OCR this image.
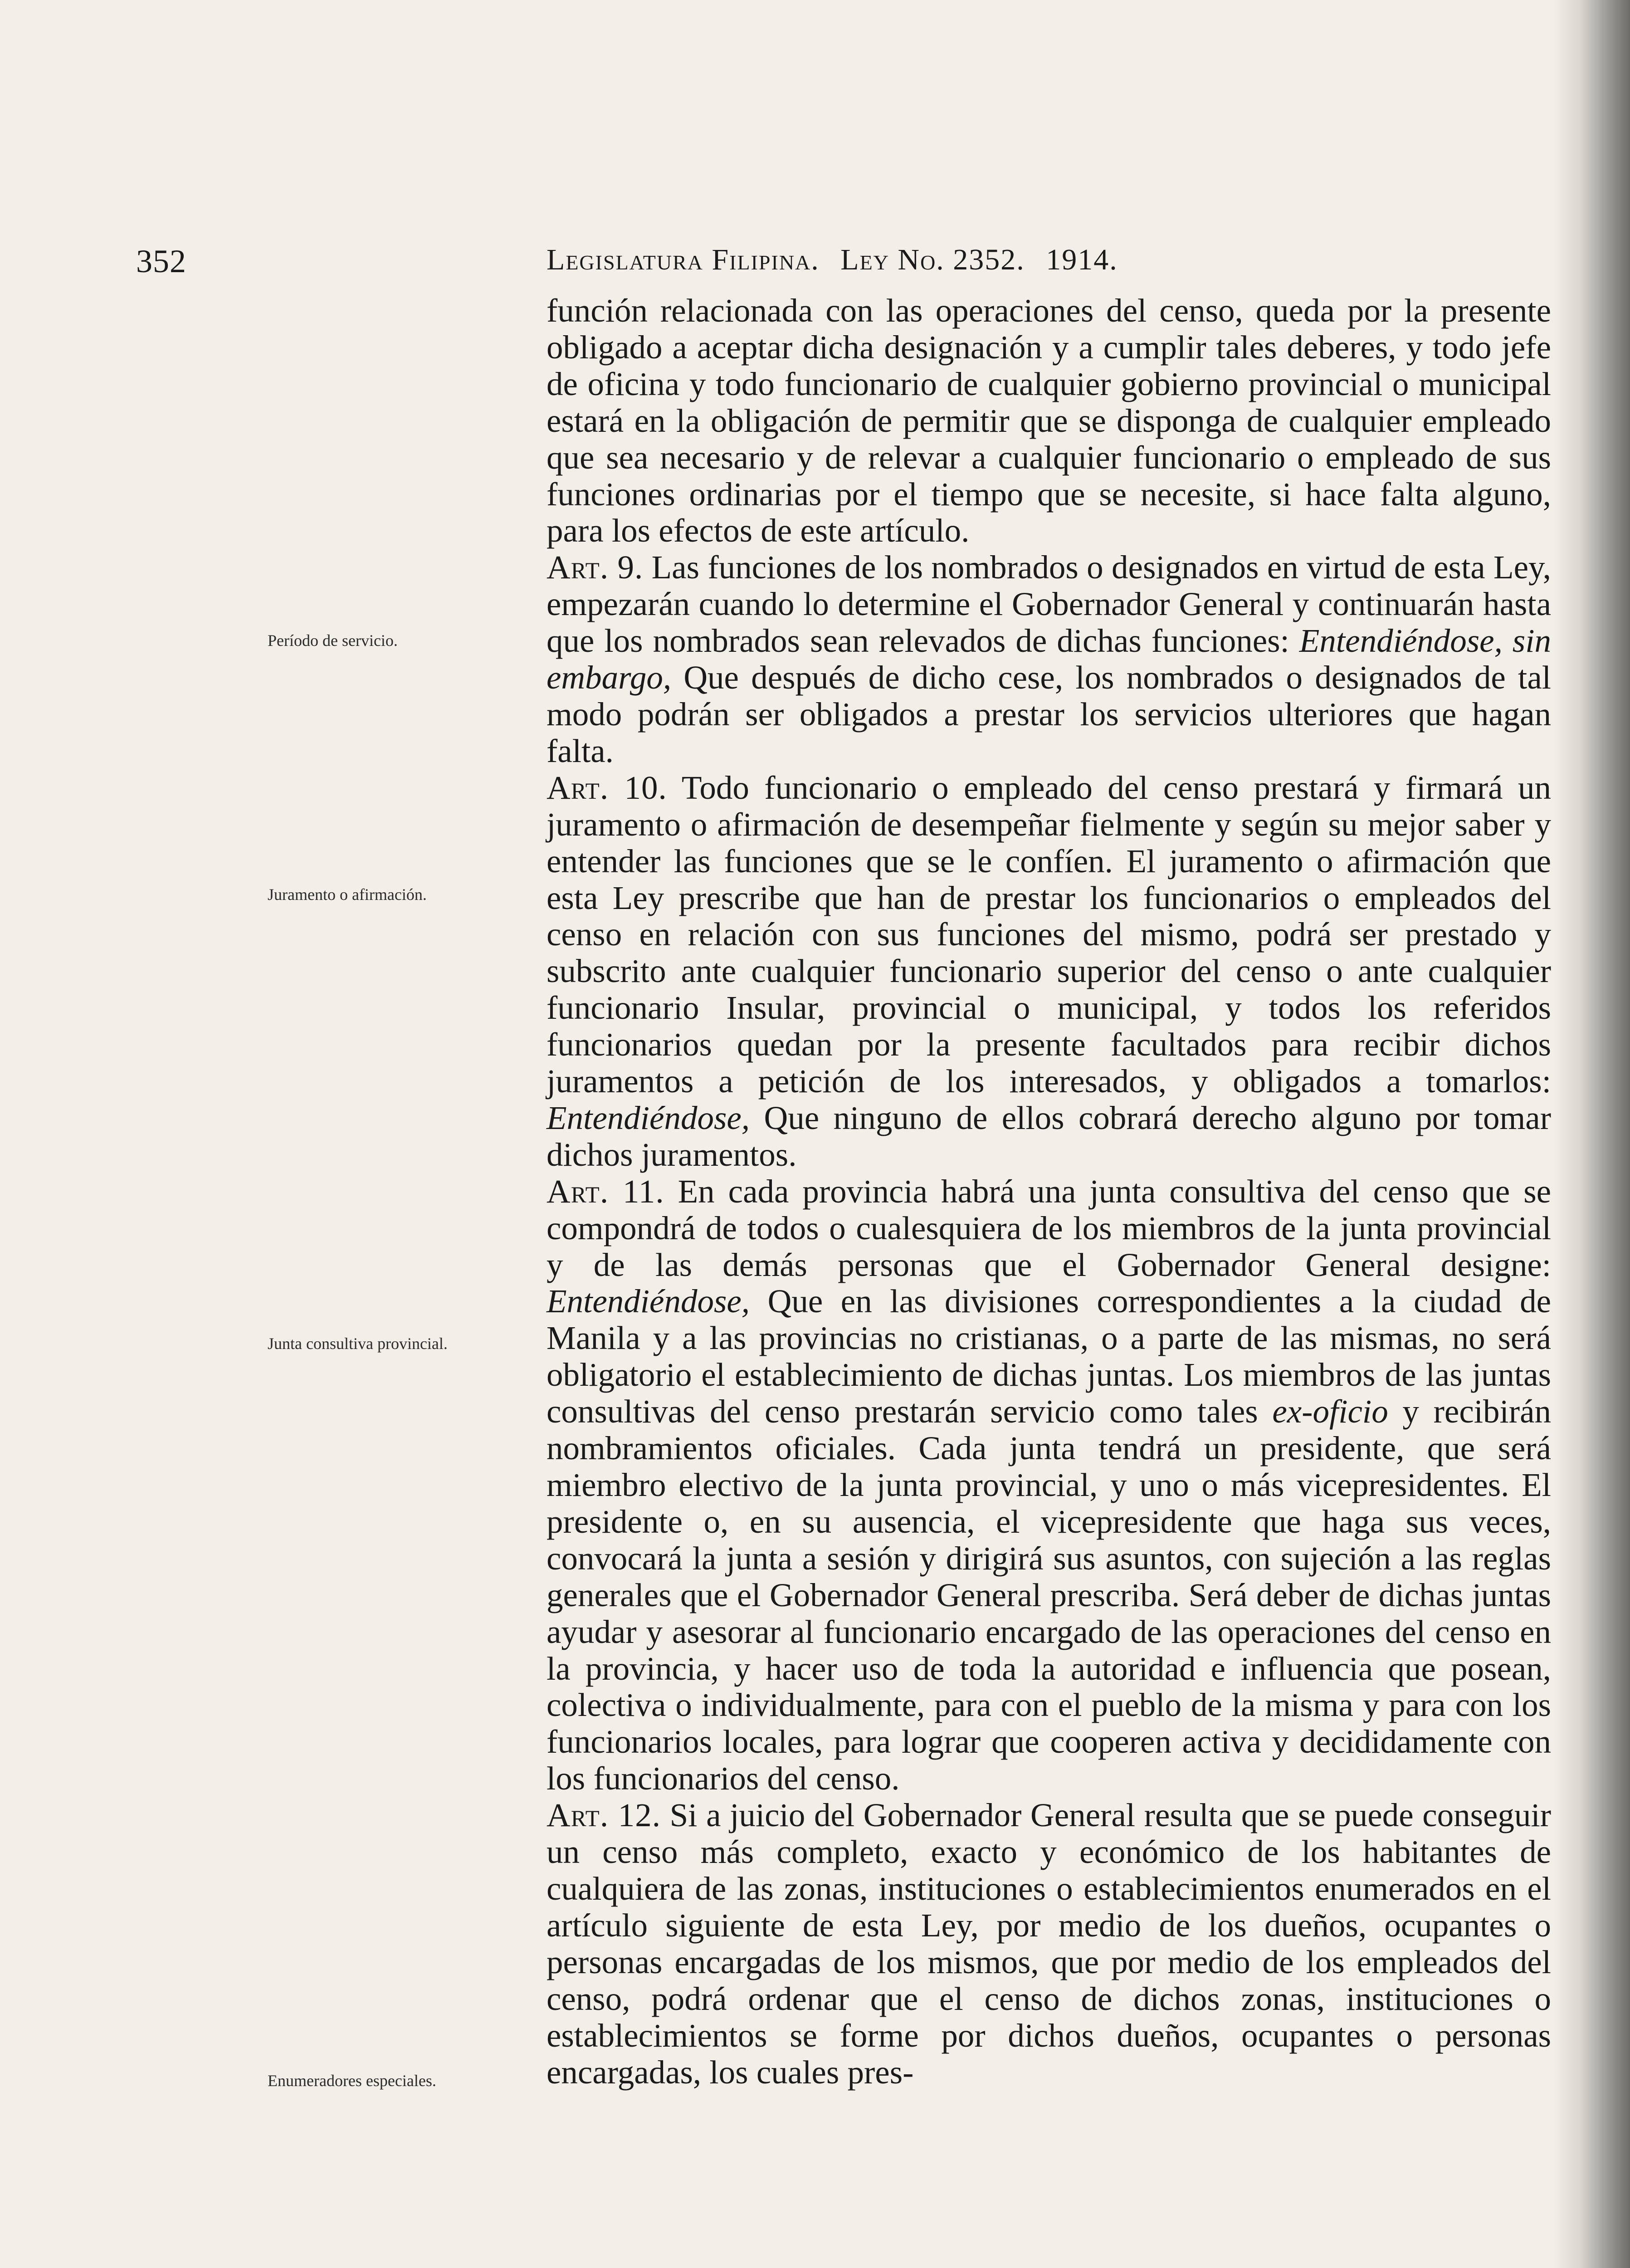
352	Legislatura Filipina. Ley No. 2352. 1914.
Período de servicio.
Juramento o afirmación.
Junta consultiva provincial.
Enumeradores especiales.

función relacionada con las operaciones del censo, queda por la presente obligado a aceptar dicha designación y a cumplir tales deberes, y todo jefe de oficina y todo funcionario de cualquier gobierno provincial o municipal estará en la obligación de permitir que se disponga de cualquier empleado que sea necesario y de relevar a cualquier funcionario o empleado de sus funciones ordinarias por el tiempo que se necesite, si hace falta alguno, para los efectos de este artículo.

Art. 9. Las funciones de los nombrados o designados en virtud de esta Ley, empezarán cuando lo determine el Gobernador General y continuarán hasta que los nombrados sean relevados de dichas funciones: Entendiéndose, sin embargo, Que después de dicho cese, los nombrados o designados de tal modo podrán ser obligados a prestar los servicios ulteriores que hagan falta.

Art. 10. Todo funcionario o empleado del censo prestará y firmará un juramento o afirmación de desempeñar fielmente y según su mejor saber y entender las funciones que se le confíen. El juramento o afirmación que esta Ley prescribe que han de prestar los funcionarios o empleados del censo en relación con sus funciones del mismo, podrá ser prestado y subscrito ante cualquier funcionario superior del censo o ante cualquier funcionario Insular, provincial o municipal, y todos los referidos funcionarios quedan por la presente facultados para recibir dichos juramentos a petición de los interesados, y obligados a tomarlos: Entendiéndose, Que ninguno de ellos cobrará derecho alguno por tomar dichos juramentos.

Art. 11. En cada provincia habrá una junta consultiva del censo que se compondrá de todos o cualesquiera de los miembros de la junta provincial y de las demás personas que el Gobernador General designe: Entendiéndose, Que en las divisiones correspondientes a la ciudad de Manila y a las provincias no cristianas, o a parte de las mismas, no será obligatorio el establecimiento de dichas juntas. Los miembros de las juntas consultivas del censo prestarán servicio como tales ex-oficio y recibirán nombramientos oficiales. Cada junta tendrá un presidente, que será miembro electivo de la junta provincial, y uno o más vicepresidentes. El presidente o, en su ausencia, el vicepresidente que haga sus veces, convocará la junta a sesión y dirigirá sus asuntos, con sujeción a las reglas generales que el Gobernador General prescriba. Será deber de dichas juntas ayudar y asesorar al funcionario encargado de las operaciones del censo en la provincia, y hacer uso de toda la autoridad e influencia que posean, colectiva o individualmente, para con el pueblo de la misma y para con los funcionarios locales, para lograr que cooperen activa y decididamente con los funcionarios del censo.

Art. 12. Si a juicio del Gobernador General resulta que se puede conseguir un censo más completo, exacto y económico de los habitantes de cualquiera de las zonas, instituciones o establecimientos enumerados en el artículo siguiente de esta Ley, por medio de los dueños, ocupantes o personas encargadas de los mismos, que por medio de los empleados del censo, podrá ordenar que el censo de dichos zonas, instituciones o establecimientos se forme por dichos dueños, ocupantes o personas encargadas, los cuales pres-
